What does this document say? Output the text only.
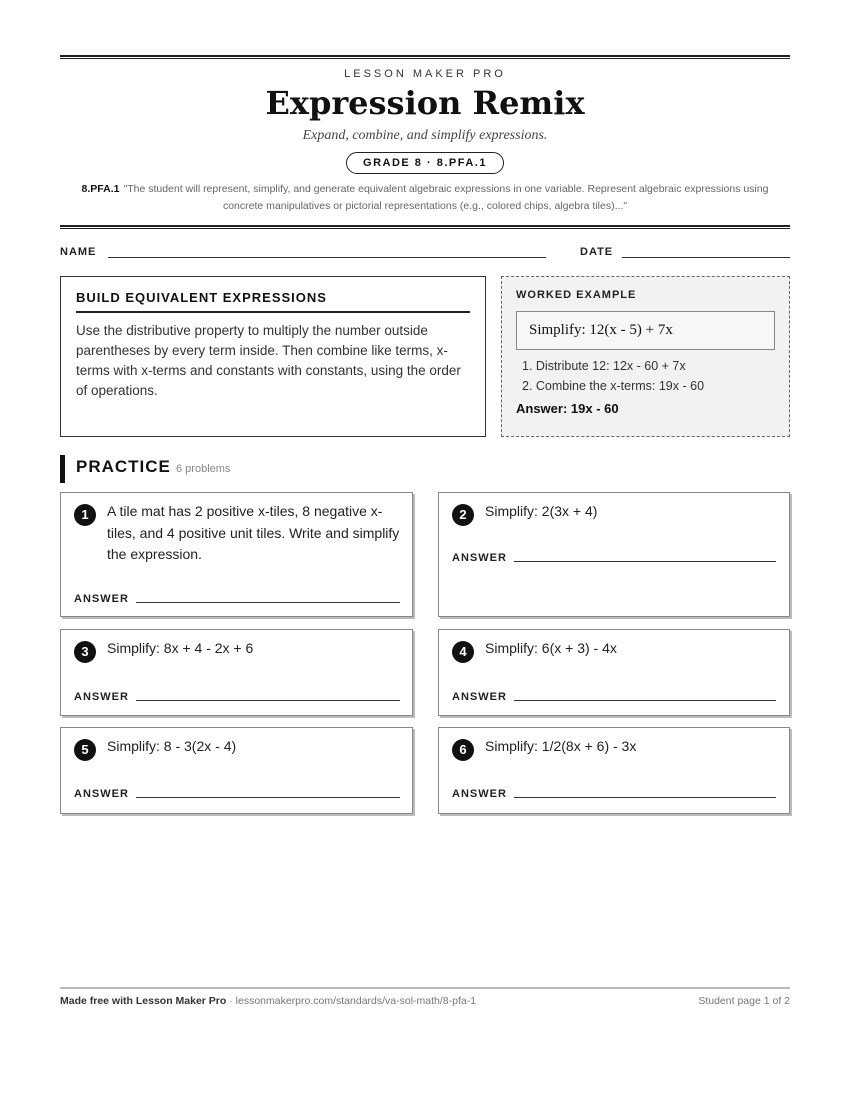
LESSON MAKER PRO
Expression Remix
Expand, combine, and simplify expressions.
GRADE 8 · 8.PFA.1
8.PFA.1 "The student will represent, simplify, and generate equivalent algebraic expressions in one variable. Represent algebraic expressions using concrete manipulatives or pictorial representations (e.g., colored chips, algebra tiles)..."
NAME	DATE
BUILD EQUIVALENT EXPRESSIONS
Use the distributive property to multiply the number outside parentheses by every term inside. Then combine like terms, x-terms with x-terms and constants with constants, using the order of operations.
WORKED EXAMPLE
Simplify: 12(x - 5) + 7x
1. Distribute 12: 12x - 60 + 7x
2. Combine the x-terms: 19x - 60
Answer: 19x - 60
PRACTICE 6 problems
1	A tile mat has 2 positive x-tiles, 8 negative x-tiles, and 4 positive unit tiles. Write and simplify the expression.
ANSWER
2	Simplify: 2(3x + 4)
ANSWER
3	Simplify: 8x + 4 - 2x + 6
ANSWER
4	Simplify: 6(x + 3) - 4x
ANSWER
5	Simplify: 8 - 3(2x - 4)
ANSWER
6	Simplify: 1/2(8x + 6) - 3x
ANSWER
Made free with Lesson Maker Pro · lessonmakerpro.com/standards/va-sol-math/8-pfa-1	Student page 1 of 2
